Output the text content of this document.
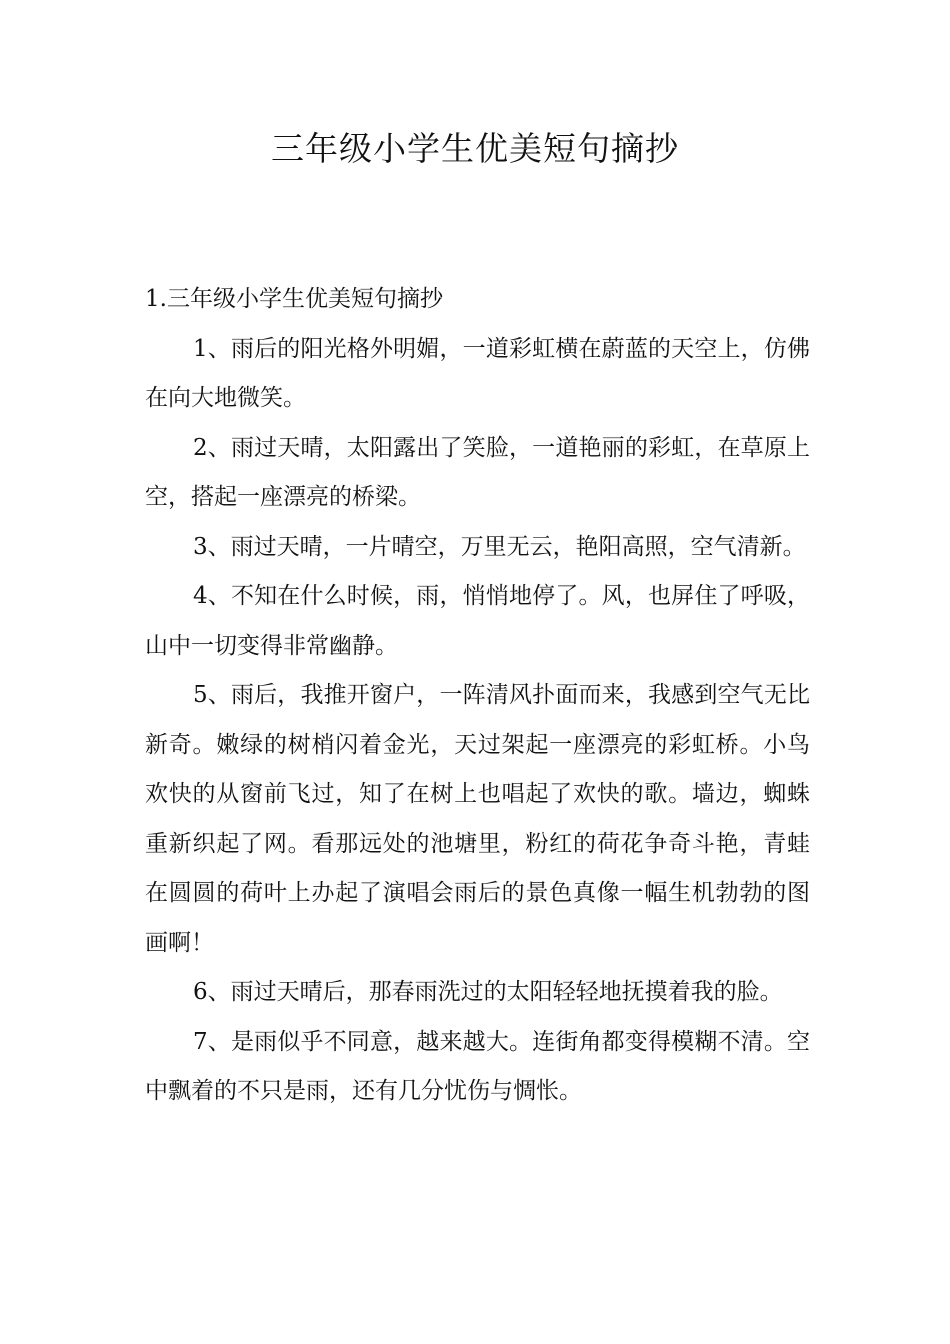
三年级小学生优美短句摘抄
1.三年级小学生优美短句摘抄

1、雨后的阳光格外明媚，一道彩虹横在蔚蓝的天空上，仿佛在向大地微笑。

2、雨过天晴，太阳露出了笑脸，一道艳丽的彩虹，在草原上空，搭起一座漂亮的桥梁。

3、雨过天晴，一片晴空，万里无云，艳阳高照，空气清新。

4、不知在什么时候，雨，悄悄地停了。风，也屏住了呼吸，山中一切变得非常幽静。

5、雨后，我推开窗户，一阵清风扑面而来，我感到空气无比新奇。嫩绿的树梢闪着金光，天过架起一座漂亮的彩虹桥。小鸟欢快的从窗前飞过，知了在树上也唱起了欢快的歌。墙边，蜘蛛重新织起了网。看那远处的池塘里，粉红的荷花争奇斗艳，青蛙在圆圆的荷叶上办起了演唱会雨后的景色真像一幅生机勃勃的图画啊！

6、雨过天晴后，那春雨洗过的太阳轻轻地抚摸着我的脸。

7、是雨似乎不同意，越来越大。连街角都变得模糊不清。空中飘着的不只是雨，还有几分忧伤与惆怅。
